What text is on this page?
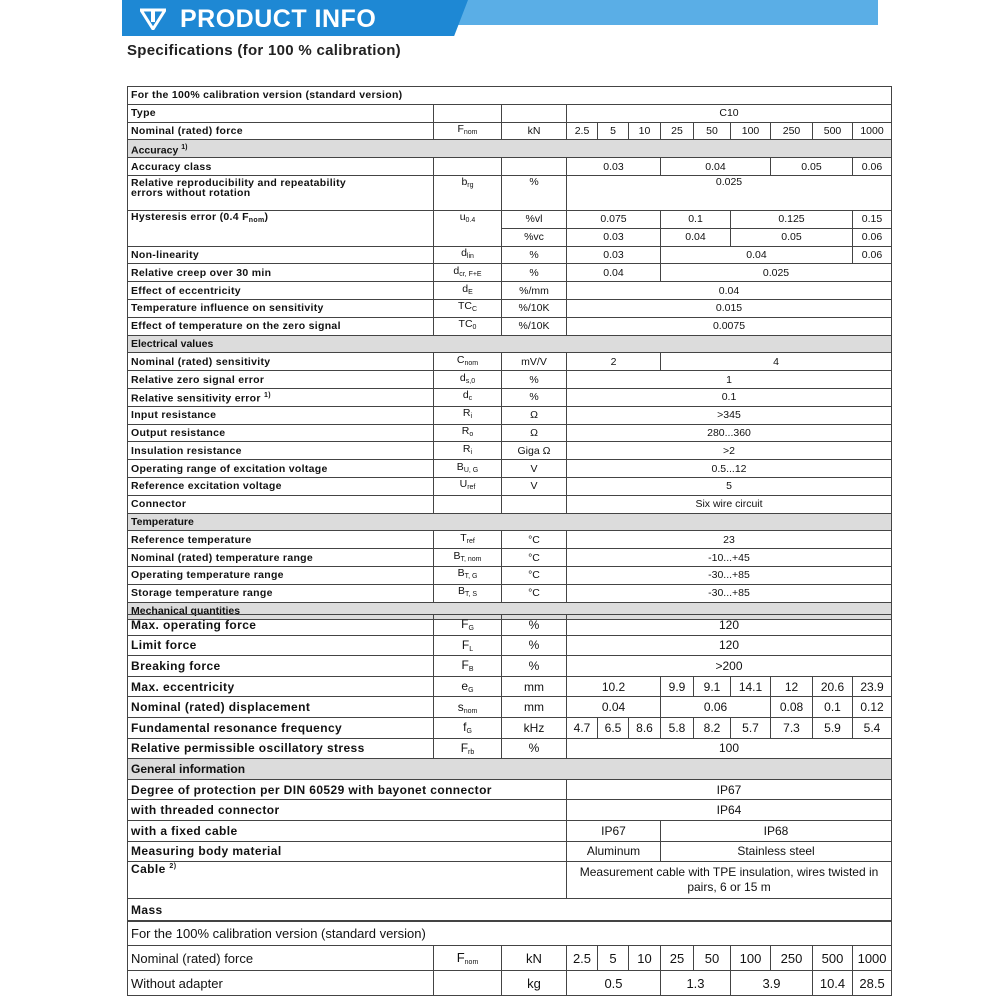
PRODUCT INFO
Specifications (for 100 % calibration)
For the 100% calibration version (standard version)											
Type			C10								
Nominal (rated) force	$F_{nom}$	kN	2.5	5	10	25	50	100	250	500	1000
Accuracy $^{1)}$
Accuracy class			0.03			0.04			0.05		0.06
Relative reproducibility and repeatability
errors without rotation	$b_{rg}$	%	0.025								
Hysteresis error (0.4 $F_{nom}$)	$u_{0.4}$	%vl	0.075			0.1		0.125			0.15
		%vc	0.03			0.04		0.05			0.06
Non-linearity	$d_{lin}$	%	0.03			0.04					0.06
Relative creep over 30 min	$d_{cr, F+E}$	%	0.04			0.025					
Effect of eccentricity	$d_E$	%/mm	0.04								
Temperature influence on sensitivity	$TC_C$	%/10K	0.015								
Effect of temperature on the zero signal	$TC_0$	%/10K	0.0075								
Electrical values											
Nominal (rated) sensitivity	$C_{nom}$	mV/V	2			4					
Relative zero signal error	$d_{s,0}$	%	1								
Relative sensitivity error $^{1)}$	$d_c$	%	0.1								
Input resistance	$R_i$	Ω	>345								
Output resistance	$R_o$	Ω	280...360								
Insulation resistance	$R_i$	Giga Ω	>2								
Operating range of excitation voltage	$B_{U, G}$	V	0.5...12								
Reference excitation voltage	$U_{ref}$	V	5								
Connector			Six wire circuit								
Temperature											
Reference temperature	$T_{ref}$	°C	23								
Nominal (rated) temperature range	$B_{T, nom}$	°C	-10...+45								
Operating temperature range	$B_{T, G}$	°C	-30...+85								
Storage temperature range	$B_{T, S}$	°C	-30...+85								
Mechanical quantities											
Max. operating force	$F_G$	%	120								
Limit force	$F_L$	%	120								
Breaking force	$F_B$	%	>200								
Max. eccentricity	$e_G$	mm	10.2			9.9	9.1	14.1	12	20.6	23.9
Nominal (rated) displacement	$s_{nom}$	mm	0.04			0.06			0.08	0.1	0.12
Fundamental resonance frequency	$f_G$	kHz	4.7	6.5	8.6	5.8	8.2	5.7	7.3	5.9	5.4
Relative permissible oscillatory stress	$F_{rb}$	%	100								
General information											
Degree of protection per DIN 60529 with bayonet connector			IP67								
with threaded connector			IP64								
with a fixed cable			IP67			IP68					
Measuring body material			Aluminum			Stainless steel					
Cable $^{2)}$			Measurement cable with TPE insulation, wires twisted in pairs, 6 or 15 m								
Mass											
For the 100% calibration version (standard version)											
Nominal (rated) force	$F_{nom}$	kN	2.5	5	10	25	50	100	250	500	1000
Without adapter		kg	0.5			1.3		3.9		10.4	28.5
